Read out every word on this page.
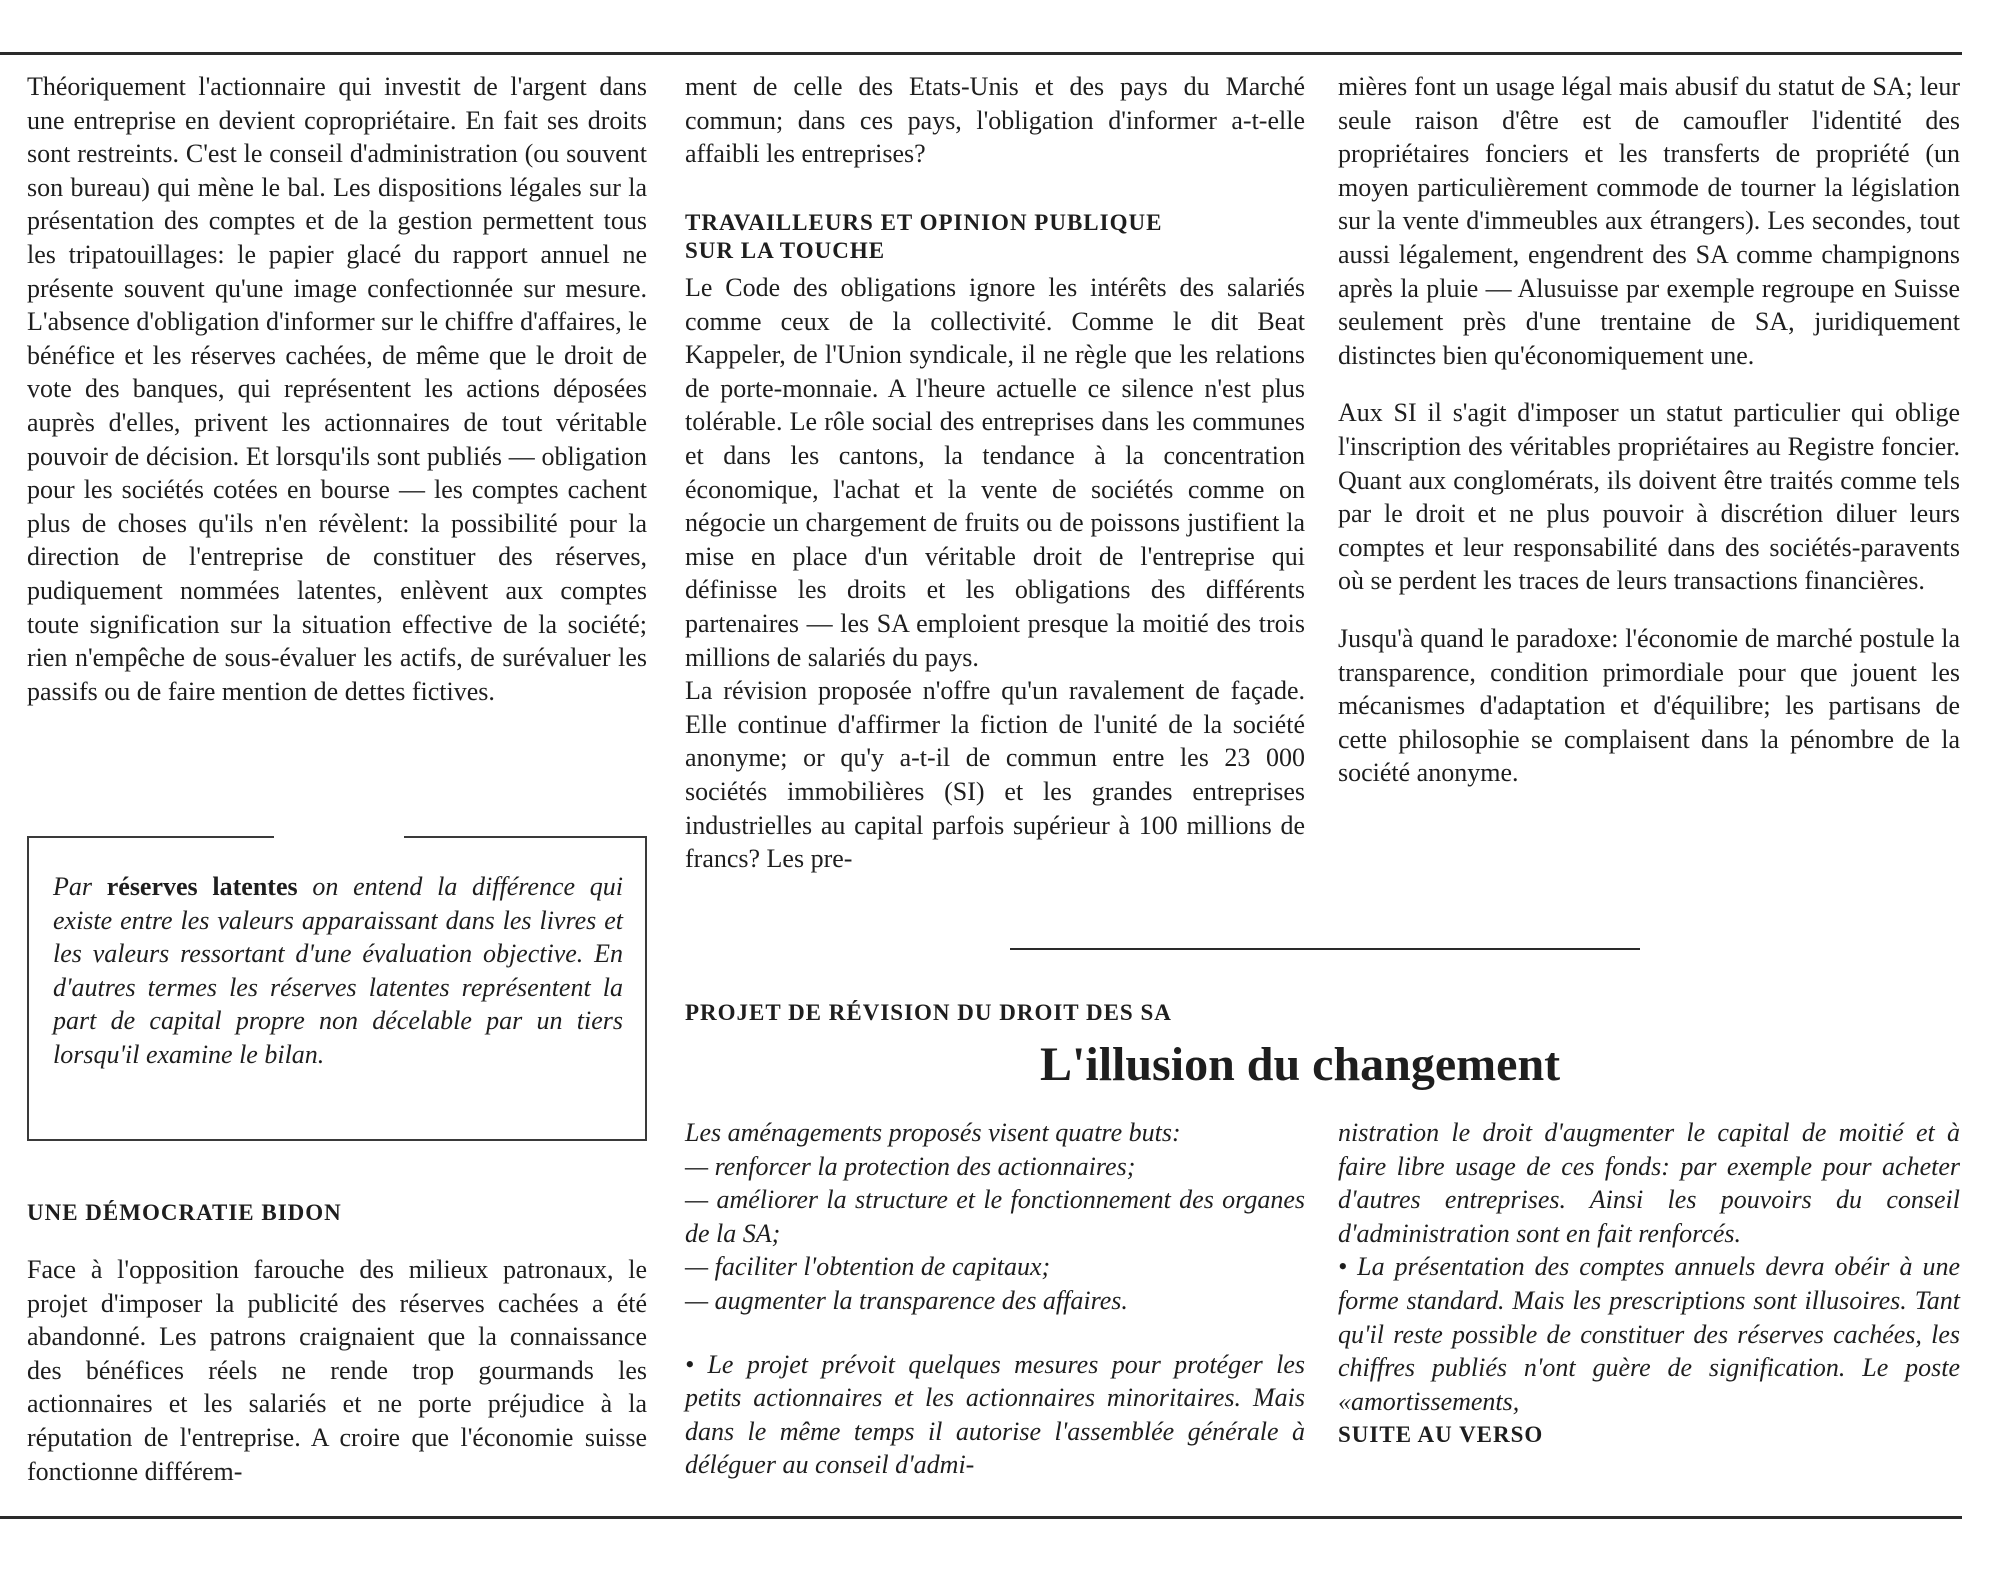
Théoriquement l'actionnaire qui investit de l'argent dans une entreprise en devient copropriétaire. En fait ses droits sont restreints. C'est le conseil d'administration (ou souvent son bureau) qui mène le bal. Les dispositions légales sur la présentation des comptes et de la gestion permettent tous les tripatouillages: le papier glacé du rapport annuel ne présente souvent qu'une image confectionnée sur mesure. L'absence d'obligation d'informer sur le chiffre d'affaires, le bénéfice et les réserves cachées, de même que le droit de vote des banques, qui représentent les actions déposées auprès d'elles, privent les actionnaires de tout véritable pouvoir de décision. Et lorsqu'ils sont publiés — obligation pour les sociétés cotées en bourse — les comptes cachent plus de choses qu'ils n'en révèlent: la possibilité pour la direction de l'entreprise de constituer des réserves, pudiquement nommées latentes, enlèvent aux comptes toute signification sur la situation effective de la société; rien n'empêche de sous-évaluer les actifs, de surévaluer les passifs ou de faire mention de dettes fictives.

Par réserves latentes on entend la différence qui existe entre les valeurs apparaissant dans les livres et les valeurs ressortant d'une évaluation objective. En d'autres termes les réserves latentes représentent la part de capital propre non décelable par un tiers lorsqu'il examine le bilan.
UNE DÉMOCRATIE BIDON

Face à l'opposition farouche des milieux patronaux, le projet d'imposer la publicité des réserves cachées a été abandonné. Les patrons craignaient que la connaissance des bénéfices réels ne rende trop gourmands les actionnaires et les salariés et ne porte préjudice à la réputation de l'entreprise. A croire que l'économie suisse fonctionne différem-

ment de celle des Etats-Unis et des pays du Marché commun; dans ces pays, l'obligation d'informer a-t-elle affaibli les entreprises?

TRAVAILLEURS ET OPINION PUBLIQUE
SUR LA TOUCHE

Le Code des obligations ignore les intérêts des salariés comme ceux de la collectivité. Comme le dit Beat Kappeler, de l'Union syndicale, il ne règle que les relations de porte-monnaie. A l'heure actuelle ce silence n'est plus tolérable. Le rôle social des entreprises dans les communes et dans les cantons, la tendance à la concentration économique, l'achat et la vente de sociétés comme on négocie un chargement de fruits ou de poissons justifient la mise en place d'un véritable droit de l'entreprise qui définisse les droits et les obligations des différents partenaires — les SA emploient presque la moitié des trois millions de salariés du pays.

La révision proposée n'offre qu'un ravalement de façade. Elle continue d'affirmer la fiction de l'unité de la société anonyme; or qu'y a-t-il de commun entre les 23 000 sociétés immobilières (SI) et les grandes entreprises industrielles au capital parfois supérieur à 100 millions de francs? Les pre-

mières font un usage légal mais abusif du statut de SA; leur seule raison d'être est de camoufler l'identité des propriétaires fonciers et les transferts de propriété (un moyen particulièrement commode de tourner la législation sur la vente d'immeubles aux étrangers). Les secondes, tout aussi légalement, engendrent des SA comme champignons après la pluie — Alusuisse par exemple regroupe en Suisse seulement près d'une trentaine de SA, juridiquement distinctes bien qu'économiquement une.

Aux SI il s'agit d'imposer un statut particulier qui oblige l'inscription des véritables propriétaires au Registre foncier. Quant aux conglomérats, ils doivent être traités comme tels par le droit et ne plus pouvoir à discrétion diluer leurs comptes et leur responsabilité dans des sociétés-paravents où se perdent les traces de leurs transactions financières.

Jusqu'à quand le paradoxe: l'économie de marché postule la transparence, condition primordiale pour que jouent les mécanismes d'adaptation et d'équilibre; les partisans de cette philosophie se complaisent dans la pénombre de la société anonyme.

PROJET DE RÉVISION DU DROIT DES SA
L'illusion du changement

Les aménagements proposés visent quatre buts:

— renforcer la protection des actionnaires;

— améliorer la structure et le fonctionnement des organes de la SA;

— faciliter l'obtention de capitaux;

— augmenter la transparence des affaires.

• Le projet prévoit quelques mesures pour protéger les petits actionnaires et les actionnaires minoritaires. Mais dans le même temps il autorise l'assemblée générale à déléguer au conseil d'admi-

nistration le droit d'augmenter le capital de moitié et à faire libre usage de ces fonds: par exemple pour acheter d'autres entreprises. Ainsi les pouvoirs du conseil d'administration sont en fait renforcés.

• La présentation des comptes annuels devra obéir à une forme standard. Mais les prescriptions sont illusoires. Tant qu'il reste possible de constituer des réserves cachées, les chiffres publiés n'ont guère de signification. Le poste «amortissements,

SUITE AU VERSO
